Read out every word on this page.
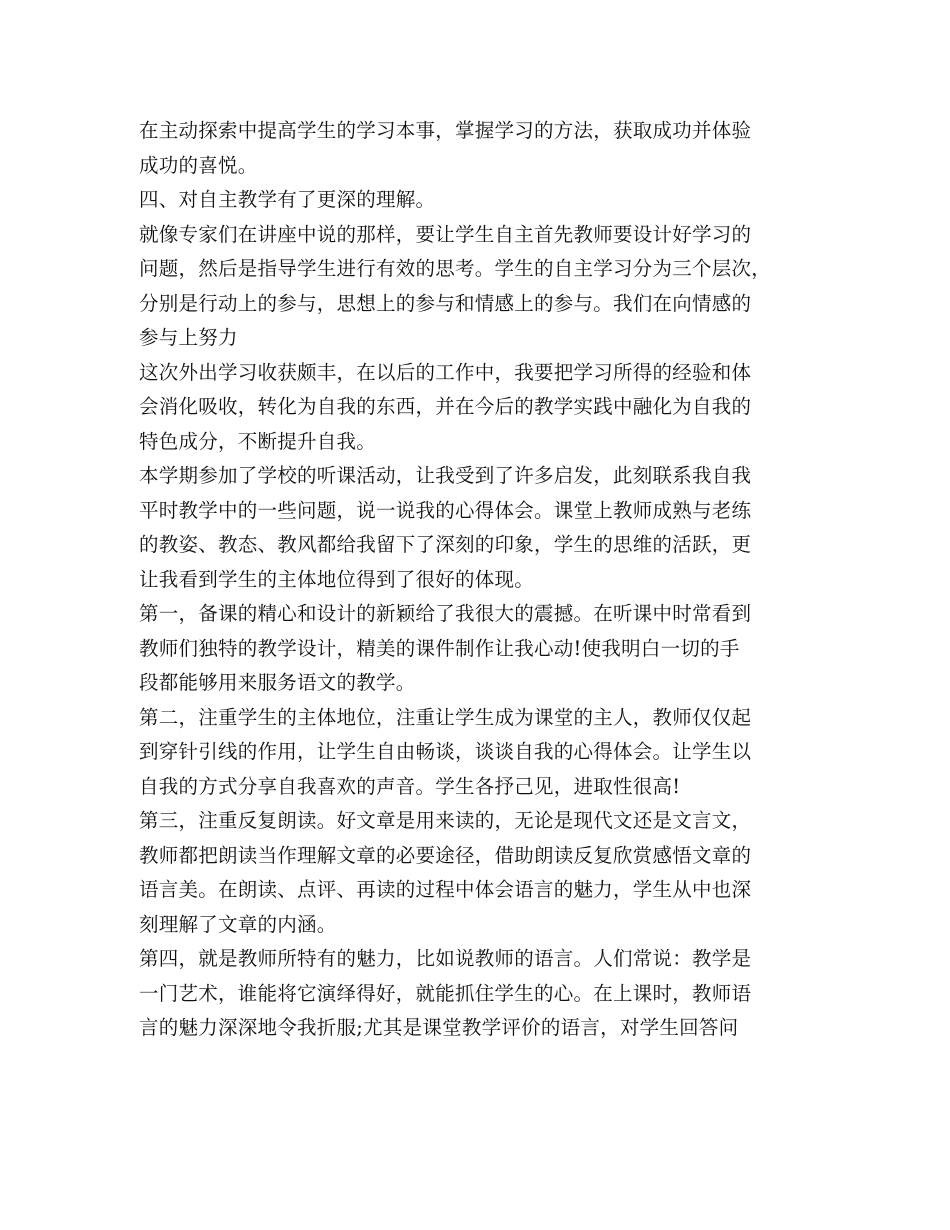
在主动探索中提高学生的学习本事，掌握学习的方法，获取成功并体验
成功的喜悦。
四、对自主教学有了更深的理解。
就像专家们在讲座中说的那样，要让学生自主首先教师要设计好学习的
问题，然后是指导学生进行有效的思考。学生的自主学习分为三个层次，
分别是行动上的参与，思想上的参与和情感上的参与。我们在向情感的
参与上努力
这次外出学习收获颇丰，在以后的工作中，我要把学习所得的经验和体
会消化吸收，转化为自我的东西，并在今后的教学实践中融化为自我的
特色成分，不断提升自我。
本学期参加了学校的听课活动，让我受到了许多启发，此刻联系我自我
平时教学中的一些问题，说一说我的心得体会。课堂上教师成熟与老练
的教姿、教态、教风都给我留下了深刻的印象，学生的思维的活跃，更
让我看到学生的主体地位得到了很好的体现。
第一，备课的精心和设计的新颖给了我很大的震撼。在听课中时常看到
教师们独特的教学设计，精美的课件制作让我心动!使我明白一切的手
段都能够用来服务语文的教学。
第二，注重学生的主体地位，注重让学生成为课堂的主人，教师仅仅起
到穿针引线的作用，让学生自由畅谈，谈谈自我的心得体会。让学生以
自我的方式分享自我喜欢的声音。学生各抒己见，进取性很高!
第三，注重反复朗读。好文章是用来读的，无论是现代文还是文言文，
教师都把朗读当作理解文章的必要途径，借助朗读反复欣赏感悟文章的
语言美。在朗读、点评、再读的过程中体会语言的魅力，学生从中也深
刻理解了文章的内涵。
第四，就是教师所特有的魅力，比如说教师的语言。人们常说：教学是
一门艺术，谁能将它演绎得好，就能抓住学生的心。在上课时，教师语
言的魅力深深地令我折服;尤其是课堂教学评价的语言，对学生回答问
